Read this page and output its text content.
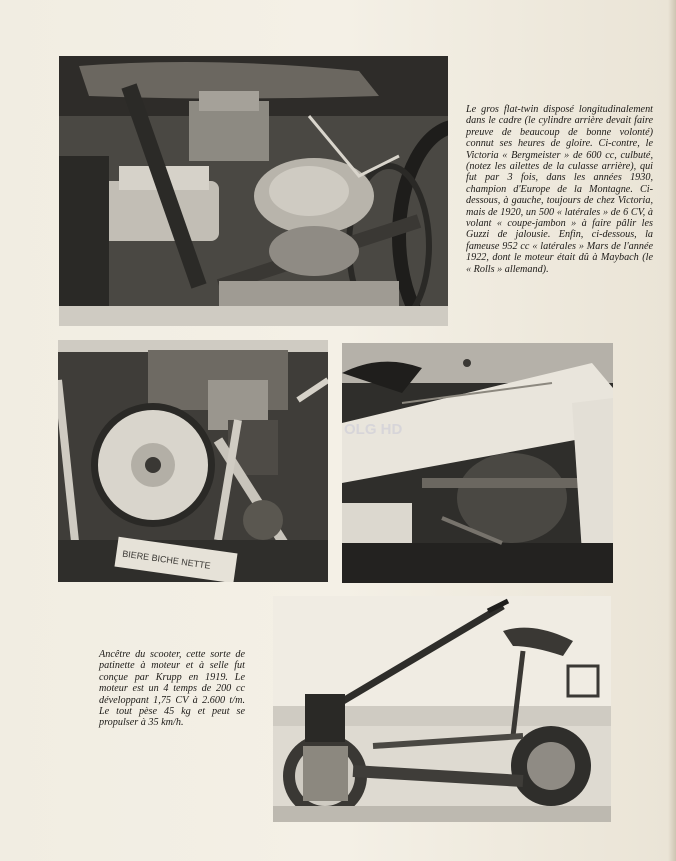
BIERE BICHE NETTE
OLG HD

Le gros flat-twin disposé longitudinalement dans le cadre (le cylindre arrière devait faire preuve de beaucoup de bonne volonté) connut ses heures de gloire. Ci-contre, le Victoria « Bergmeister » de 600 cc, culbuté, (notez les ailettes de la culasse arrière), qui fut par 3 fois, dans les années 1930, champion d'Europe de la Montagne. Ci-dessous, à gauche, toujours de chez Victoria, mais de 1920, un 500 « latérales » de 6 CV, à volant « coupe-jambon » à faire pâlir les Guzzi de jalousie. Enfin, ci-dessous, la fameuse 952 cc « latérales » Mars de l'année 1922, dont le moteur était dû à Maybach (le « Rolls » allemand).

Ancêtre du scooter, cette sorte de patinette à moteur et à selle fut conçue par Krupp en 1919. Le moteur est un 4 temps de 200 cc développant 1,75 CV à 2.600 t/m. Le tout pèse 45 kg et peut se propulser à 35 km/h.
